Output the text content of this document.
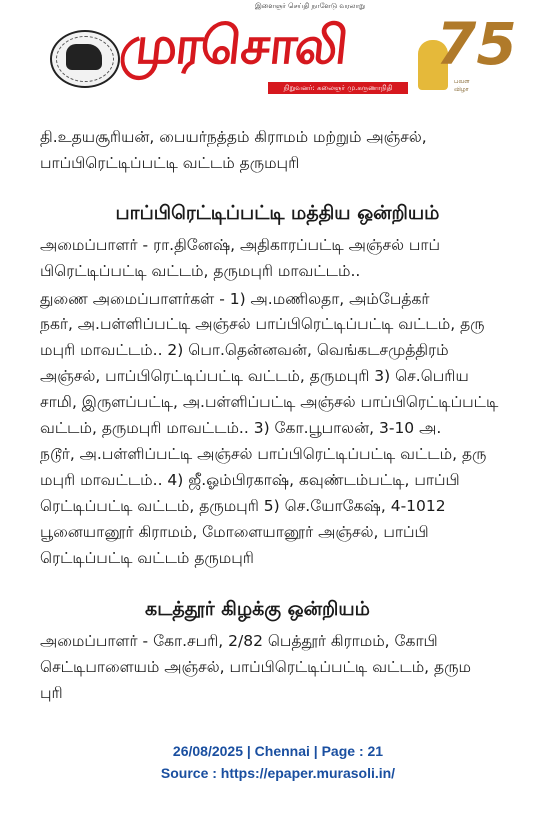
இளைஞர் செய்தி நாளேடு வரலாறு
முரசொலி
நிறுவனர்: கலைஞர் மு.கருணாநிதி
75
பவள விழா

தி.உதயசூரியன், பையர்நத்தம் கிராமம் மற்றும் அஞ்சல்,
பாப்பிரெட்டிப்பட்டி வட்டம் தருமபுரி
பாப்பிரெட்டிப்பட்டி மத்திய ஒன்றியம்
அமைப்பாளர் - ரா.தினேஷ், அதிகாரப்பட்டி அஞ்சல் பாப்
பிரெட்டிப்பட்டி வட்டம், தருமபுரி மாவட்டம்..
துணை அமைப்பாளர்கள் - 1) அ.மணிலதா, அம்பேத்கர்
நகர், அ.பள்ளிப்பட்டி அஞ்சல் பாப்பிரெட்டிப்பட்டி வட்டம், தரு
மபுரி மாவட்டம்.. 2) பொ.தென்னவன், வெங்கடசமுத்திரம்
அஞ்சல், பாப்பிரெட்டிப்பட்டி வட்டம், தருமபுரி 3) செ.பெரிய
சாமி, இருளப்பட்டி, அ.பள்ளிப்பட்டி அஞ்சல் பாப்பிரெட்டிப்பட்டி
வட்டம், தருமபுரி மாவட்டம்.. 3) கோ.பூபாலன், 3-10 அ.
நடூர், அ.பள்ளிப்பட்டி அஞ்சல் பாப்பிரெட்டிப்பட்டி வட்டம், தரு
மபுரி மாவட்டம்.. 4) ஜீ.ஓம்பிரகாஷ், கவுண்டம்பட்டி, பாப்பி
ரெட்டிப்பட்டி வட்டம், தருமபுரி 5) செ.யோகேஷ், 4-1012
பூனையானூர் கிராமம், மோளையானூர் அஞ்சல், பாப்பி
ரெட்டிப்பட்டி வட்டம் தருமபுரி
கடத்தூர் கிழக்கு ஒன்றியம்
அமைப்பாளர் - கோ.சபரி, 2/82 பெத்தூர் கிராமம், கோபி
செட்டிபாளையம் அஞ்சல், பாப்பிரெட்டிப்பட்டி வட்டம், தரும
புரி
26/08/2025 | Chennai | Page : 21
Source : https://epaper.murasoli.in/
